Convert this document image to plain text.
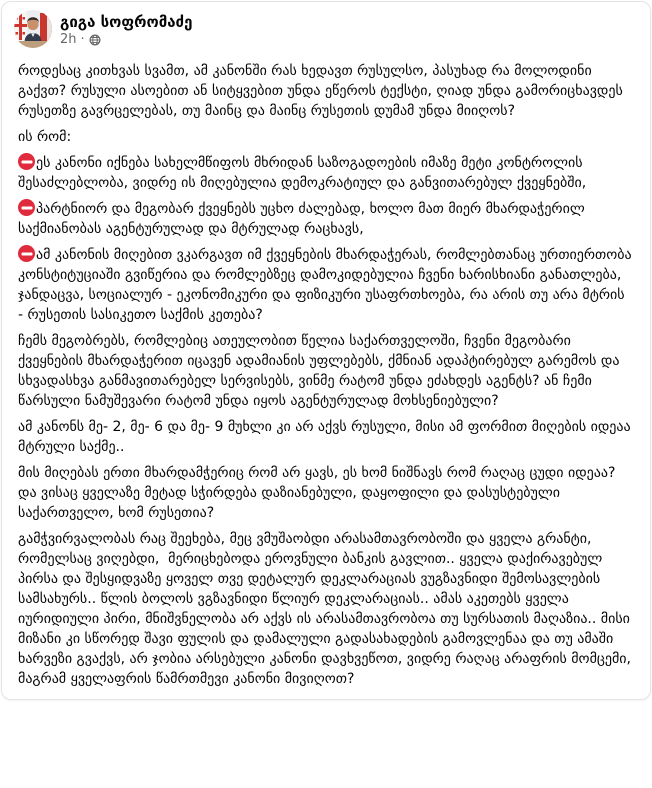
გიგა სოფრომაძე
2h ·

როდესაც კითხვას სვამთ, ამ კანონში რას ხედავთ რუსულსო, პასუხად რა მოლოდინი გაქვთ? რუსული ასოებით ან სიტყვებით უნდა ეწეროს ტექსტი, ღიად უნდა გამორიცხავდეს რუსეთზე გავრცელებას, თუ მაინც და მაინც რუსეთის დუმამ უნდა მიიღოს?

ის რომ:

ეს კანონი იქნება სახელმწიფოს მხრიდან საზოგადოების იმაზე მეტი კონტროლის შესაძლებლობა, ვიდრე ის მიღებულია დემოკრატიულ და განვითარებულ ქვეყნებში,

პარტნიორ და მეგობარ ქვეყნებს უცხო ძალებად, ხოლო მათ მიერ მხარდაჭერილ საქმიანობას აგენტურულად და მტრულად რაცხავს,

ამ კანონის მიღებით ვკარგავთ იმ ქვეყნების მხარდაჭერას, რომლებთანაც ურთიერთობა კონსტიტუციაში გვიწერია და რომლებზეც დამოკიდებულია ჩვენი ხარისხიანი განათლება, ჯანდაცვა, სოციალურ - ეკონომიკური და ფიზიკური უსაფრთხოება, რა არის თუ არა მტრის - რუსეთის სასიკეთო საქმის კეთება?

ჩემს მეგობრებს, რომლებიც ათეულობით წელია საქართველოში, ჩვენი მეგობარი ქვეყნების მხარდაჭერით იცავენ ადამიანის უფლებებს, ქმნიან ადაპტირებულ გარემოს და სხვადასხვა განმავითარებელ სერვისებს, ვინმე რატომ უნდა ეძახდეს აგენტს? ან ჩემი წარსული ნამუშევარი რატომ უნდა იყოს აგენტურულად მოხსენიებული?

ამ კანონს მე- 2, მე- 6 და მე- 9 მუხლი კი არ აქვს რუსული, მისი ამ ფორმით მიღების იდეაა მტრული საქმე..

მის მიღებას ერთი მხარდამჭერიც რომ არ ყავს, ეს ხომ ნიშნავს რომ რაღაც ცუდი იდეაა? და ვისაც ყველაზე მეტად სჭირდება დაზიანებული, დაყოფილი და დასუსტებული საქართველო, ხომ რუსეთია?

გამჭვირვალობას რაც შეეხება, მეც ვმუშაობდი არასამთავრობოში და ყველა გრანტი, რომელსაც ვიღებდი,  მერიცხებოდა ეროვნული ბანკის გავლით.. ყველა დაქირავებულ პირსა და შესყიდვაზე ყოველ თვე დეტალურ დეკლარაციას ვუგზავნიდი შემოსავლების სამსახურს.. წლის ბოლოს ვგზავნიდი წლიურ დეკლარაციას.. ამას აკეთებს ყველა იურიდიული პირი, მნიშვნელობა არ აქვს ის არასამთავრობოა თუ სურსათის მაღაზია.. მისი მიზანი კი სწორედ შავი ფულის და დამალული გადასახადების გამოვლენაა და თუ ამაში ხარვეზი გვაქვს, არ ჯობია არსებული კანონი დავხვეწოთ, ვიდრე რაღაც არაფრის მომცემი, მაგრამ ყველაფრის წამრთმევი კანონი მივიღოთ?
